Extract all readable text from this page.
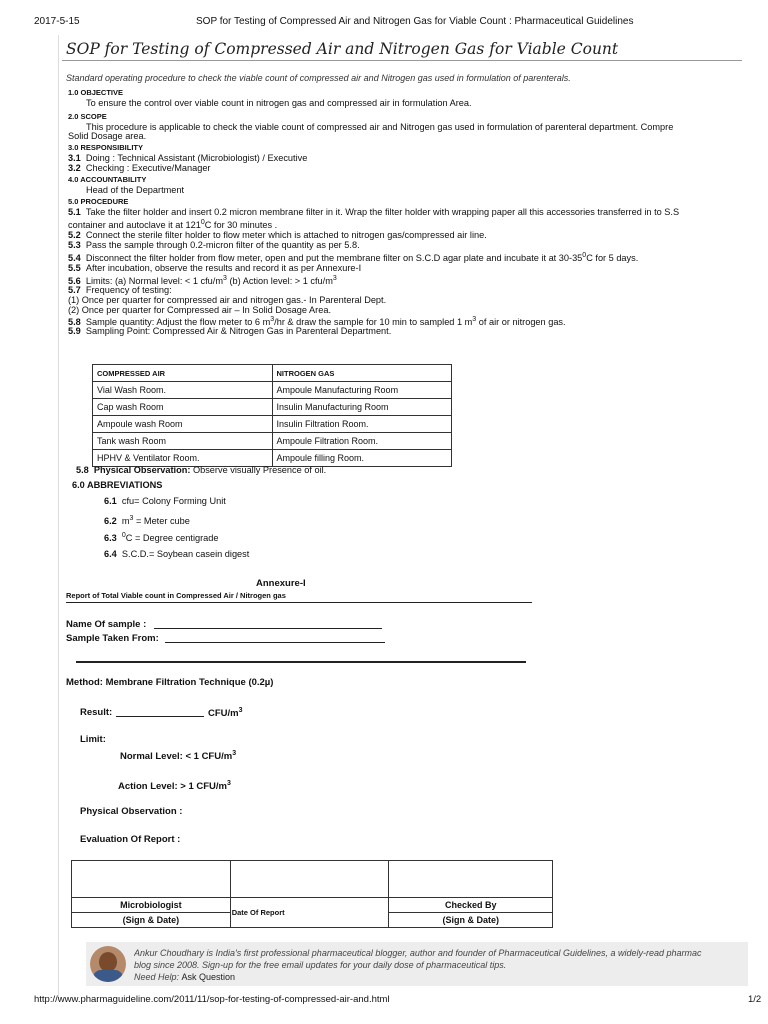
2017-5-15	SOP for Testing of Compressed Air and Nitrogen Gas for Viable Count : Pharmaceutical Guidelines
SOP for Testing of Compressed Air and Nitrogen Gas for Viable Count
Standard operating procedure to check the viable count of compressed air and Nitrogen gas used in formulation of parenterals.
1.0 OBJECTIVE
To ensure the control over viable count in nitrogen gas and compressed air in formulation Area.
2.0 SCOPE
This procedure is applicable to check the viable count of compressed air and Nitrogen gas used in formulation of parenteral department. Compre
Solid Dosage area.
3.0 RESPONSIBILITY
3.1 Doing : Technical Assistant (Microbiologist) / Executive
3.2 Checking : Executive/Manager
4.0 ACCOUNTABILITY
Head of the Department
5.0 PROCEDURE
5.1 Take the filter holder and insert 0.2 micron membrane filter in it. Wrap the filter holder with wrapping paper all this accessories transferred in to S.S
container and autoclave it at $121^0C$ for 30 minutes .
5.2 Connect the sterile filter holder to flow meter which is attached to nitrogen gas/compressed air line.
5.3 Pass the sample through 0.2-micron filter of the quantity as per 5.8.
5.4 Disconnect the filter holder from flow meter, open and put the membrane filter on S.C.D agar plate and incubate it at $30-35^0C$ for 5 days.
5.5 After incubation, observe the results and record it as per Annexure-I
5.6 Limits: (a) Normal level: < 1 cfu/$m^3$ (b) Action level: > 1 cfu/$m^3$
5.7 Frequency of testing:
(1) Once per quarter for compressed air and nitrogen gas.- In Parenteral Dept.
(2) Once per quarter for Compressed air – In Solid Dosage Area.
5.8 Sample quantity: Adjust the flow meter to 6 $m^3/hr$ & draw the sample for 10 min to sampled 1 $m^3$ of air or nitrogen gas.
5.9 Sampling Point: Compressed Air & Nitrogen Gas in Parenteral Department.
COMPRESSED AIR	NITROGEN GAS
Vial Wash Room.	Ampoule Manufacturing Room
Cap wash Room	Insulin Manufacturing Room
Ampoule wash Room	Insulin Filtration Room.
Tank wash Room	Ampoule Filtration Room.
HPHV & Ventilator Room.	Ampoule filling Room.
5.8 Physical Observation: Observe visually Presence of oil.
6.0 ABBREVIATIONS
6.1 cfu= Colony Forming Unit
6.2 $m^3$ = Meter cube
6.3 $^0$C = Degree centigrade
6.4 S.C.D.= Soybean casein digest
Annexure-I
Report of Total Viable count in Compressed Air / Nitrogen gas
Name Of sample :
Sample Taken From:
Method: Membrane Filtration Technique (0.2µ)
Result:	CFU/$m^3$
Limit:
Normal Level: < 1 CFU/$m^3$
Action Level: > 1 CFU/$m^3$
Physical Observation :
Evaluation Of Report :

Microbiologist	Date Of Report	Checked By
(Sign & Date)		(Sign & Date)
Ankur Choudhary is India's first professional pharmaceutical blogger, author and founder of Pharmaceutical Guidelines, a widely-read pharmac
blog since 2008. Sign-up for the free email updates for your daily dose of pharmaceutical tips.
Need Help: Ask Question
http://www.pharmaguideline.com/2011/11/sop-for-testing-of-compressed-air-and.html	1/2
